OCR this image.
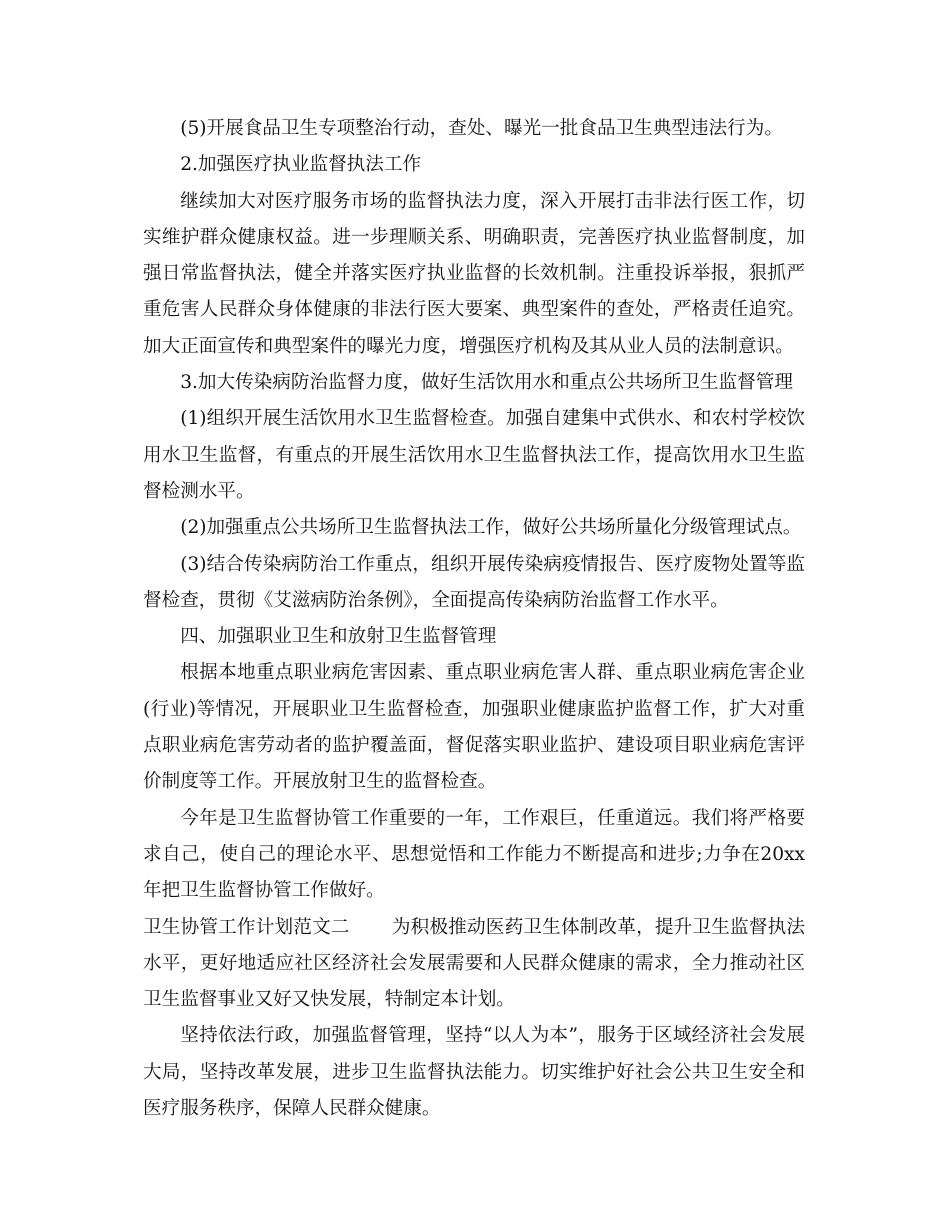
(5)开展食品卫生专项整治行动，查处、曝光一批食品卫生典型违法行为。

2.加强医疗执业监督执法工作

继续加大对医疗服务市场的监督执法力度，深入开展打击非法行医工作，切实维护群众健康权益。进一步理顺关系、明确职责，完善医疗执业监督制度，加强日常监督执法，健全并落实医疗执业监督的长效机制。注重投诉举报，狠抓严重危害人民群众身体健康的非法行医大要案、典型案件的查处，严格责任追究。加大正面宣传和典型案件的曝光力度，增强医疗机构及其从业人员的法制意识。

3.加大传染病防治监督力度，做好生活饮用水和重点公共场所卫生监督管理

(1)组织开展生活饮用水卫生监督检查。加强自建集中式供水、和农村学校饮用水卫生监督，有重点的开展生活饮用水卫生监督执法工作，提高饮用水卫生监督检测水平。

(2)加强重点公共场所卫生监督执法工作，做好公共场所量化分级管理试点。

(3)结合传染病防治工作重点，组织开展传染病疫情报告、医疗废物处置等监督检查，贯彻《艾滋病防治条例》，全面提高传染病防治监督工作水平。

四、加强职业卫生和放射卫生监督管理

根据本地重点职业病危害因素、重点职业病危害人群、重点职业病危害企业(行业)等情况，开展职业卫生监督检查，加强职业健康监护监督工作，扩大对重点职业病危害劳动者的监护覆盖面，督促落实职业监护、建设项目职业病危害评价制度等工作。开展放射卫生的监督检查。

今年是卫生监督协管工作重要的一年，工作艰巨，任重道远。我们将严格要求自己，使自己的理论水平、思想觉悟和工作能力不断提高和进步;力争在20xx年把卫生监督协管工作做好。

卫生协管工作计划范文二 为积极推动医药卫生体制改革，提升卫生监督执法水平，更好地适应社区经济社会发展需要和人民群众健康的需求，全力推动社区卫生监督事业又好又快发展，特制定本计划。

坚持依法行政，加强监督管理，坚持“以人为本”，服务于区域经济社会发展大局，坚持改革发展，进步卫生监督执法能力。切实维护好社会公共卫生安全和医疗服务秩序，保障人民群众健康。
